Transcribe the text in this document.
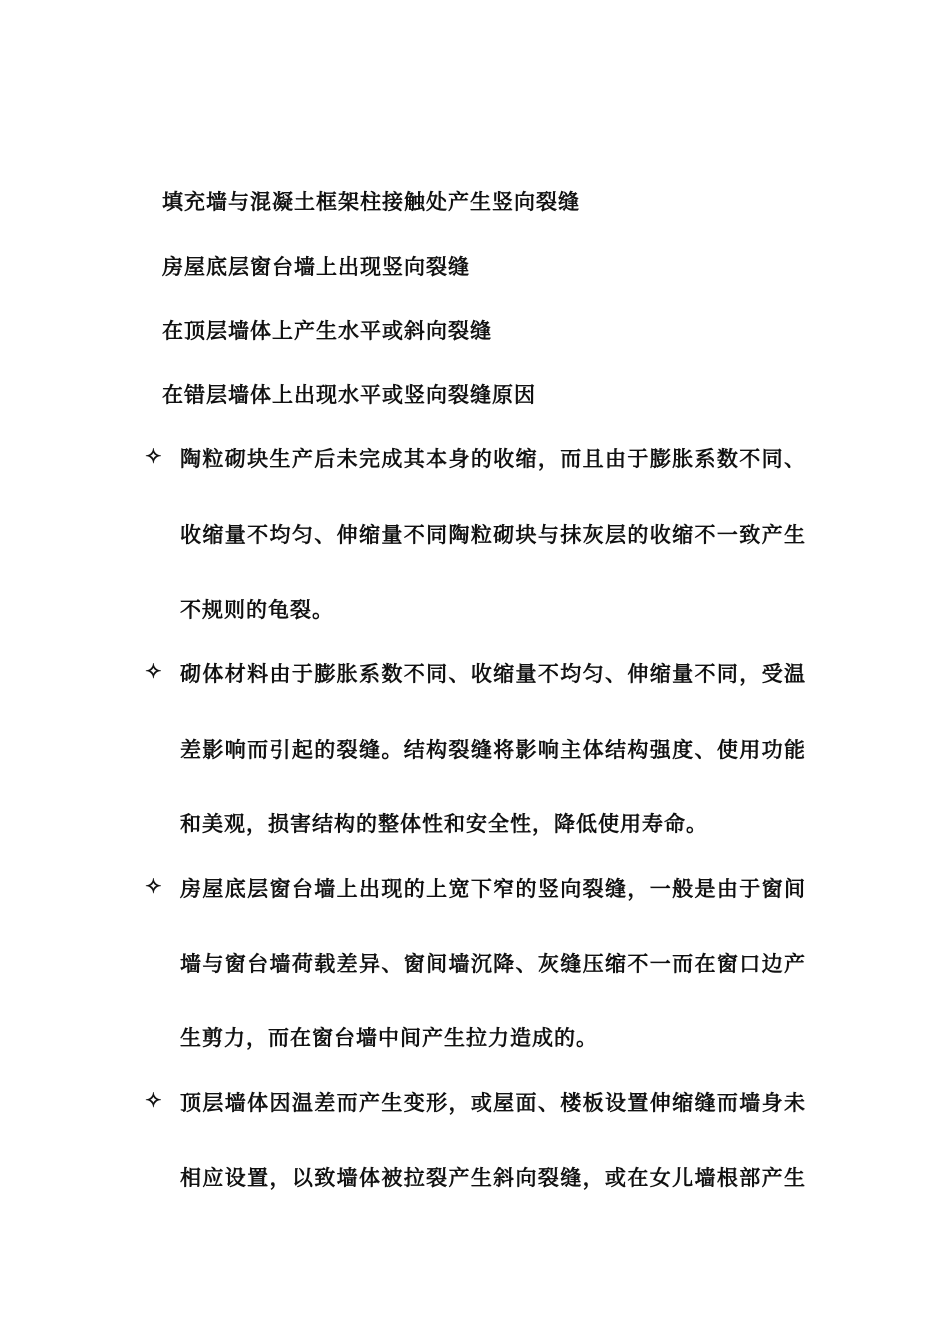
填充墙与混凝土框架柱接触处产生竖向裂缝
房屋底层窗台墙上出现竖向裂缝
在顶层墙体上产生水平或斜向裂缝
在错层墙体上出现水平或竖向裂缝原因
✧ 陶粒砌块生产后未完成其本身的收缩，而且由于膨胀系数不同、
收缩量不均匀、伸缩量不同陶粒砌块与抹灰层的收缩不一致产生
不规则的龟裂。
✧ 砌体材料由于膨胀系数不同、收缩量不均匀、伸缩量不同，受温
差影响而引起的裂缝。结构裂缝将影响主体结构强度、使用功能
和美观，损害结构的整体性和安全性，降低使用寿命。
✧ 房屋底层窗台墙上出现的上宽下窄的竖向裂缝，一般是由于窗间
墙与窗台墙荷载差异、窗间墙沉降、灰缝压缩不一而在窗口边产
生剪力，而在窗台墙中间产生拉力造成的。
✧ 顶层墙体因温差而产生变形，或屋面、楼板设置伸缩缝而墙身未
相应设置，以致墙体被拉裂产生斜向裂缝，或在女儿墙根部产生
